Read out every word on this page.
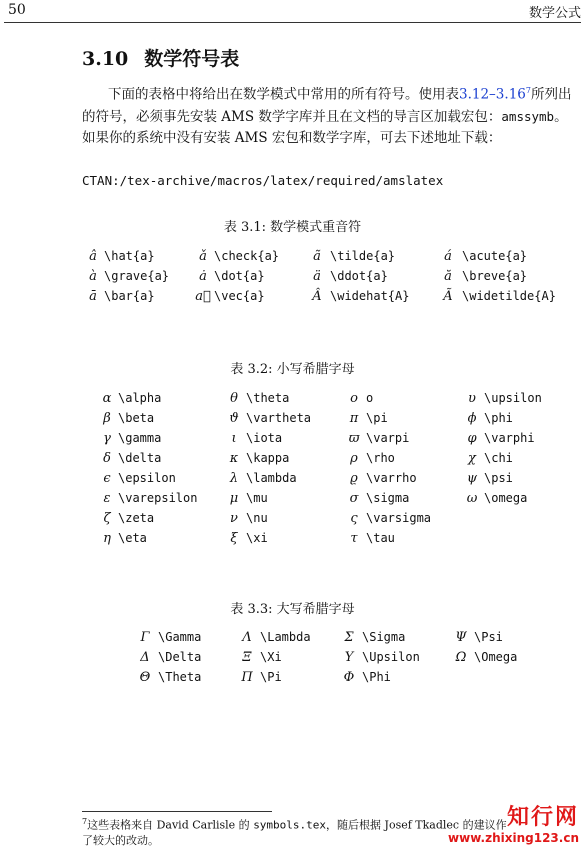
50	数学公式
3.10 数学符号表

下面的表格中将给出在数学模式中常用的所有符号。使用表3.12–3.16$^7$所列出的符号，必须事先安装 AMS 数学字库并且在文档的导言区加载宏包：amssymb。如果你的系统中没有安装 AMS 宏包和数学字库，可去下述地址下载：

CTAN:/tex-archive/macros/latex/required/amslatex
表 3.1: 数学模式重音符
â	\hat{a}	ǎ	\check{a}	ã	\tilde{a}	á	\acute{a}
à	\grave{a}	ȧ	\dot{a}	ä	\ddot{a}	ă	\breve{a}
ā	\bar{a}	a⃗	\vec{a}	Â	\widehat{A}	Ã	\widetilde{A}
表 3.2: 小写希腊字母
α	\alpha	θ	\theta	o	o	υ	\upsilon
β	\beta	ϑ	\vartheta	π	\pi	ϕ	\phi
γ	\gamma	ι	\iota	ϖ	\varpi	φ	\varphi
δ	\delta	κ	\kappa	ρ	\rho	χ	\chi
ϵ	\epsilon	λ	\lambda	ϱ	\varrho	ψ	\psi
ε	\varepsilon	μ	\mu	σ	\sigma	ω	\omega
ζ	\zeta	ν	\nu	ς	\varsigma		
η	\eta	ξ	\xi	τ	\tau		
表 3.3: 大写希腊字母
Γ	\Gamma	Λ	\Lambda	Σ	\Sigma	Ψ	\Psi
Δ	\Delta	Ξ	\Xi	Υ	\Upsilon	Ω	\Omega
Θ	\Theta	Π	\Pi	Φ	\Phi		
$^7$这些表格来自 David Carlisle 的 symbols.tex，随后根据 Josef Tkadlec 的建议作了较大的改动。
知行网
www.zhixing123.cn
